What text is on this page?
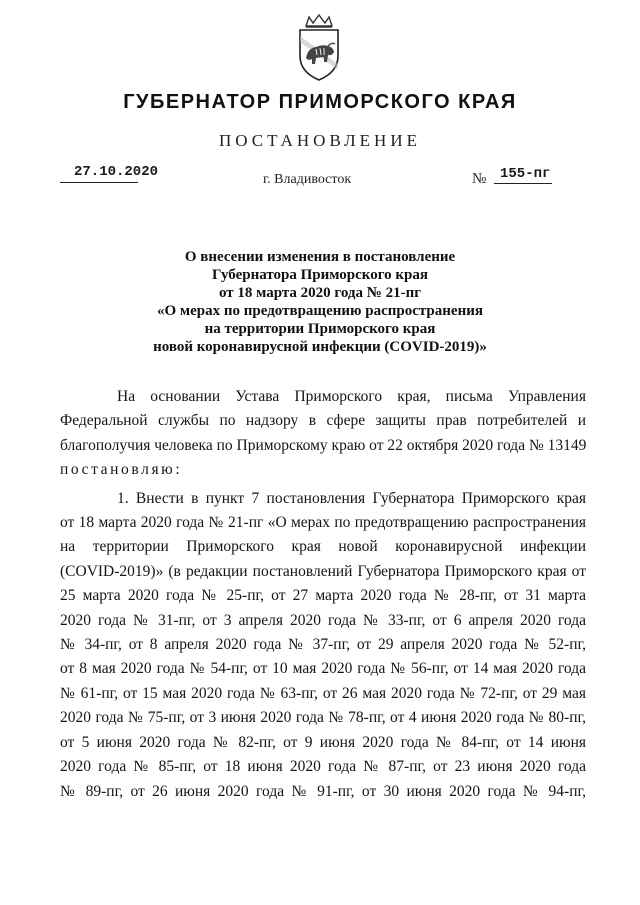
ГУБЕРНАТОР ПРИМОРСКОГО КРАЯ
ПОСТАНОВЛЕНИЕ
27.10.2020	г. Владивосток	№ 155-пг
О внесении изменения в постановление
Губернатора Приморского края
от 18 марта 2020 года № 21-пг
«О мерах по предотвращению распространения
на территории Приморского края
новой коронавирусной инфекции (COVID-2019)»
На основании Устава Приморского края, письма Управления
Федеральной службы по надзору в сфере защиты прав потребителей и
благополучия человека по Приморскому краю от 22 октября 2020 года № 13149
постановляю:
1. Внести в пункт 7 постановления Губернатора Приморского края
от 18 марта 2020 года № 21-пг «О мерах по предотвращению распространения
на территории Приморского края новой коронавирусной инфекции
(COVID-2019)» (в редакции постановлений Губернатора Приморского края от
25 марта 2020 года № 25-пг, от 27 марта 2020 года № 28-пг, от 31 марта
2020 года № 31-пг, от 3 апреля 2020 года № 33-пг, от 6 апреля 2020 года
№ 34-пг, от 8 апреля 2020 года № 37-пг, от 29 апреля 2020 года № 52-пг,
от 8 мая 2020 года № 54-пг, от 10 мая 2020 года № 56-пг, от 14 мая 2020 года
№ 61-пг, от 15 мая 2020 года № 63-пг, от 26 мая 2020 года № 72-пг, от 29 мая
2020 года № 75-пг, от 3 июня 2020 года № 78-пг, от 4 июня 2020 года № 80-пг,
от 5 июня 2020 года № 82-пг, от 9 июня 2020 года № 84-пг, от 14 июня
2020 года № 85-пг, от 18 июня 2020 года № 87-пг, от 23 июня 2020 года
№ 89-пг, от 26 июня 2020 года № 91-пг, от 30 июня 2020 года № 94-пг,
